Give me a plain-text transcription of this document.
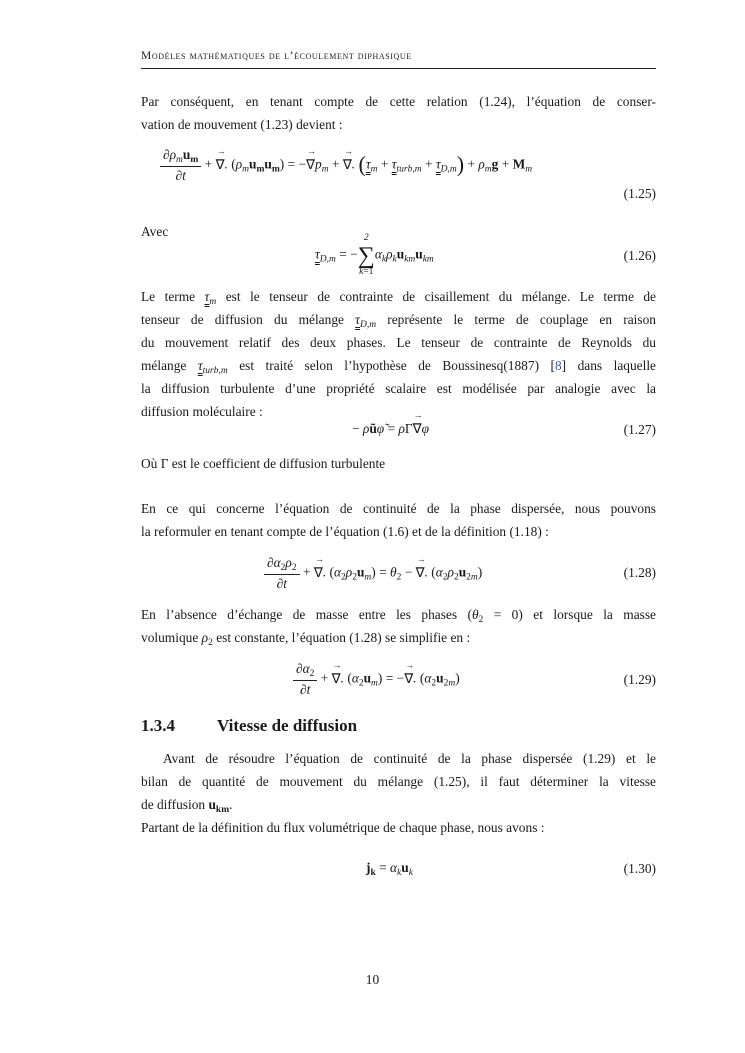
Modèles mathématiques de l’écoulement diphasique
Par conséquent, en tenant compte de cette relation (1.24), l’équation de conser-
vation de mouvement (1.23) devient :
$\frac{\partial\rho_mu_m}{\partial t}$ + → ∇. $(\rho_mu_mu_m)$ = −→ $\nabla p_m$ + → ∇. $(\tau_m + \tau_{turb,m} + \tau_{D,m}) + \rho_mg + M_m$
(1.25)
Avec
$\tau_{D,m}$ = −
2
∑
k=1
$\alpha_k\rho_ku_{km}u_{km}$	(1.26)
Le terme $\tau_m$ est le tenseur de contrainte de cisaillement du mélange. Le terme de
tenseur de diffusion du mélange $\tau_{D,m}$ représente le terme de couplage en raison
du mouvement relatif des deux phases. Le tenseur de contrainte de Reynolds du
mélange $\tau_{turb,m}$ est traité selon l’hypothèse de Boussinesq(1887) [8] dans laquelle
la diffusion turbulente d’une propriété scalaire est modélisée par analogie avec la
diffusion moléculaire :
− ρũφ̃ = ρΓ→ ∇φ	(1.27)
Où Γ est le coefficient de diffusion turbulente
En ce qui concerne l’équation de continuité de la phase dispersée, nous pouvons
la reformuler en tenant compte de l’équation (1.6) et de la définition (1.18) :
$\frac{\partial\alpha_2\rho_2}{\partial t}$ + → ∇. $(\alpha_2\rho_2u_m) = \theta_2$ − → ∇. $(\alpha_2\rho_2u_{2m})$	(1.28)
En l’absence d’échange de masse entre les phases $(\theta_2 = 0)$ et lorsque la masse
volumique $\rho_2$ est constante, l’équation (1.28) se simplifie en :
$\frac{\partial\alpha_2}{\partial t}$ + → ∇. $(\alpha_2u_m)$ = −→ ∇. $(\alpha_2u_{2m})$	(1.29)
1.3.4 Vitesse de diffusion
Avant de résoudre l’équation de continuité de la phase dispersée (1.29) et le
bilan de quantité de mouvement du mélange (1.25), il faut déterminer la vitesse
de diffusion $u_{km}$.
Partant de la définition du flux volumétrique de chaque phase, nous avons :
$j_k = \alpha_ku_k$	(1.30)
10
